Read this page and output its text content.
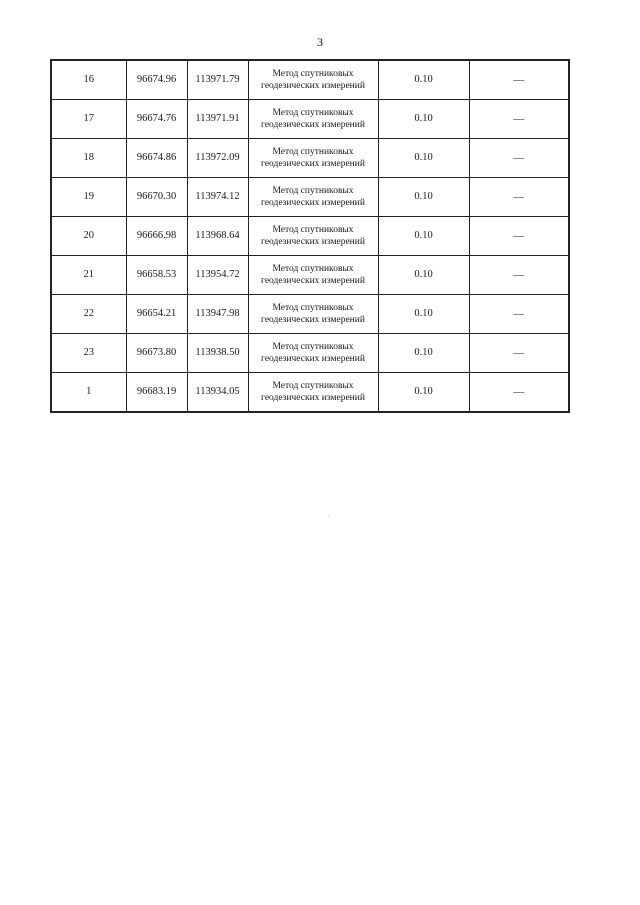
3
16	96674.96	113971.79	Метод спутниковых геодезических измерений	0.10	—
17	96674.76	113971.91	Метод спутниковых геодезических измерений	0.10	—
18	96674.86	113972.09	Метод спутниковых геодезических измерений	0.10	—
19	96670.30	113974.12	Метод спутниковых геодезических измерений	0.10	—
20	96666.98	113968.64	Метод спутниковых геодезических измерений	0.10	—
21	96658.53	113954.72	Метод спутниковых геодезических измерений	0.10	—
22	96654.21	113947.98	Метод спутниковых геодезических измерений	0.10	—
23	96673.80	113938.50	Метод спутниковых геодезических измерений	0.10	—
1	96683.19	113934.05	Метод спутниковых геодезических измерений	0.10	—
